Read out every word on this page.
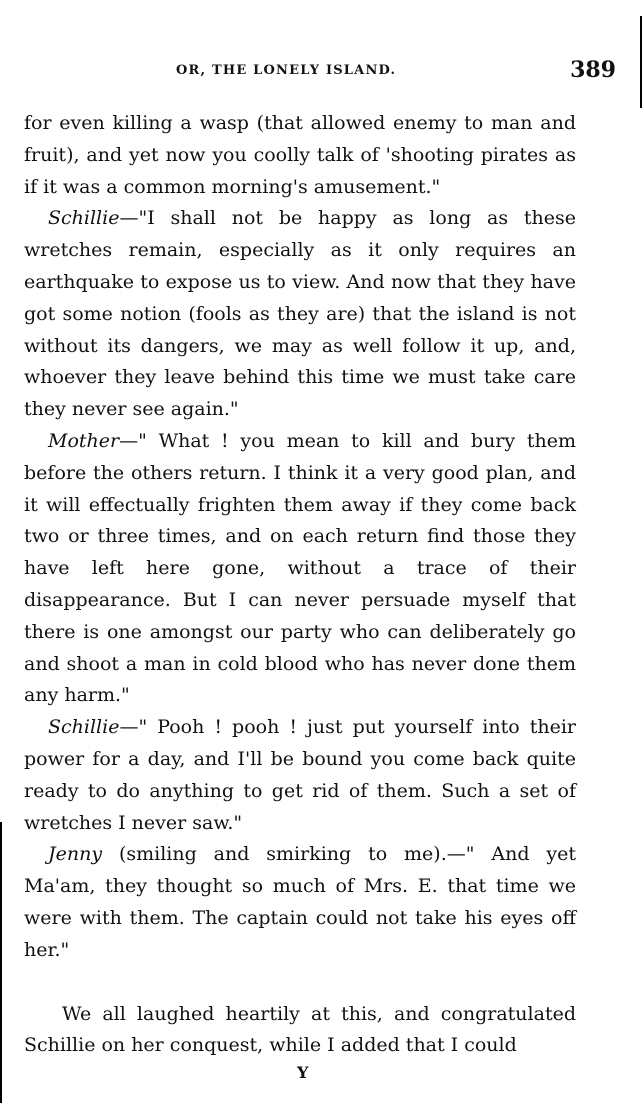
OR, THE LONELY ISLAND.	389

for even killing a wasp (that allowed enemy to man and fruit), and yet now you coolly talk of 'shooting pirates as if it was a common morning's amusement."

Schillie—"I shall not be happy as long as these wretches remain, especially as it only requires an earthquake to expose us to view. And now that they have got some notion (fools as they are) that the island is not without its dangers, we may as well follow it up, and, whoever they leave behind this time we must take care they never see again."

Mother—" What ! you mean to kill and bury them before the others return. I think it a very good plan, and it will effectually frighten them away if they come back two or three times, and on each return find those they have left here gone, without a trace of their disappearance. But I can never persuade myself that there is one amongst our party who can deliberately go and shoot a man in cold blood who has never done them any harm."

Schillie—" Pooh ! pooh ! just put yourself into their power for a day, and I'll be bound you come back quite ready to do anything to get rid of them. Such a set of wretches I never saw."

Jenny (smiling and smirking to me).—" And yet Ma'am, they thought so much of Mrs. E. that time we were with them. The captain could not take his eyes off her."

We all laughed heartily at this, and congratulated Schillie on her conquest, while I added that I could

Y
